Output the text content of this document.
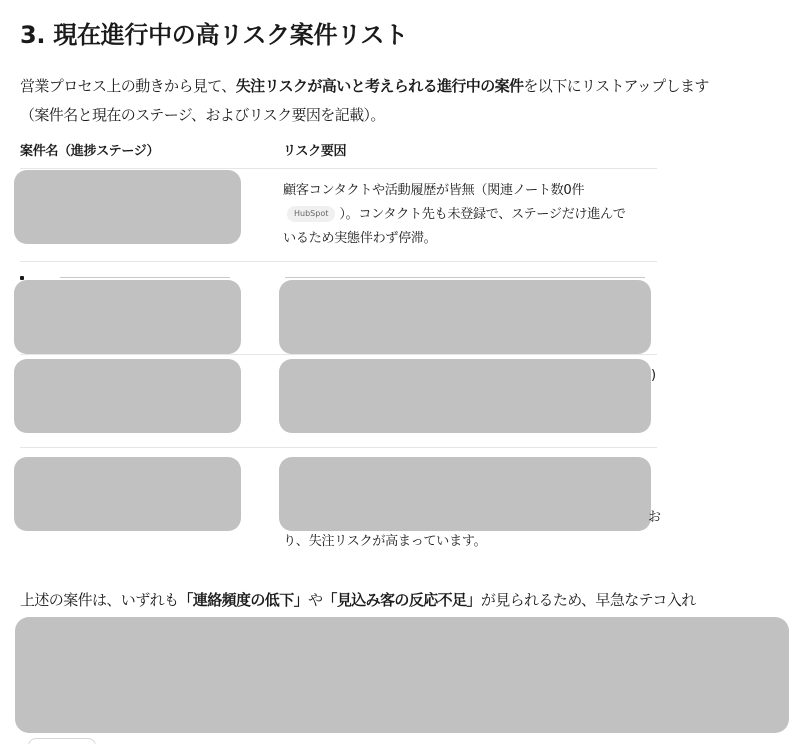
3. 現在進行中の高リスク案件リスト

営業プロセス上の動きから見て、失注リスクが高いと考えられる進行中の案件を以下にリストアップします
（案件名と現在のステージ、およびリスク要因を記載）。

案件名（進捗ステージ）	リスク要因
顧客コンタクトや活動履歴が皆無（関連ノート数0件
HubSpot ）。コンタクト先も未登録で、ステージだけ進んで
いるため実態伴わず停滞。
)
お
り、失注リスクが高まっています。

上述の案件は、いずれも「連絡頻度の低下」や「見込み客の反応不足」が見られるため、早急なテコ入れ
